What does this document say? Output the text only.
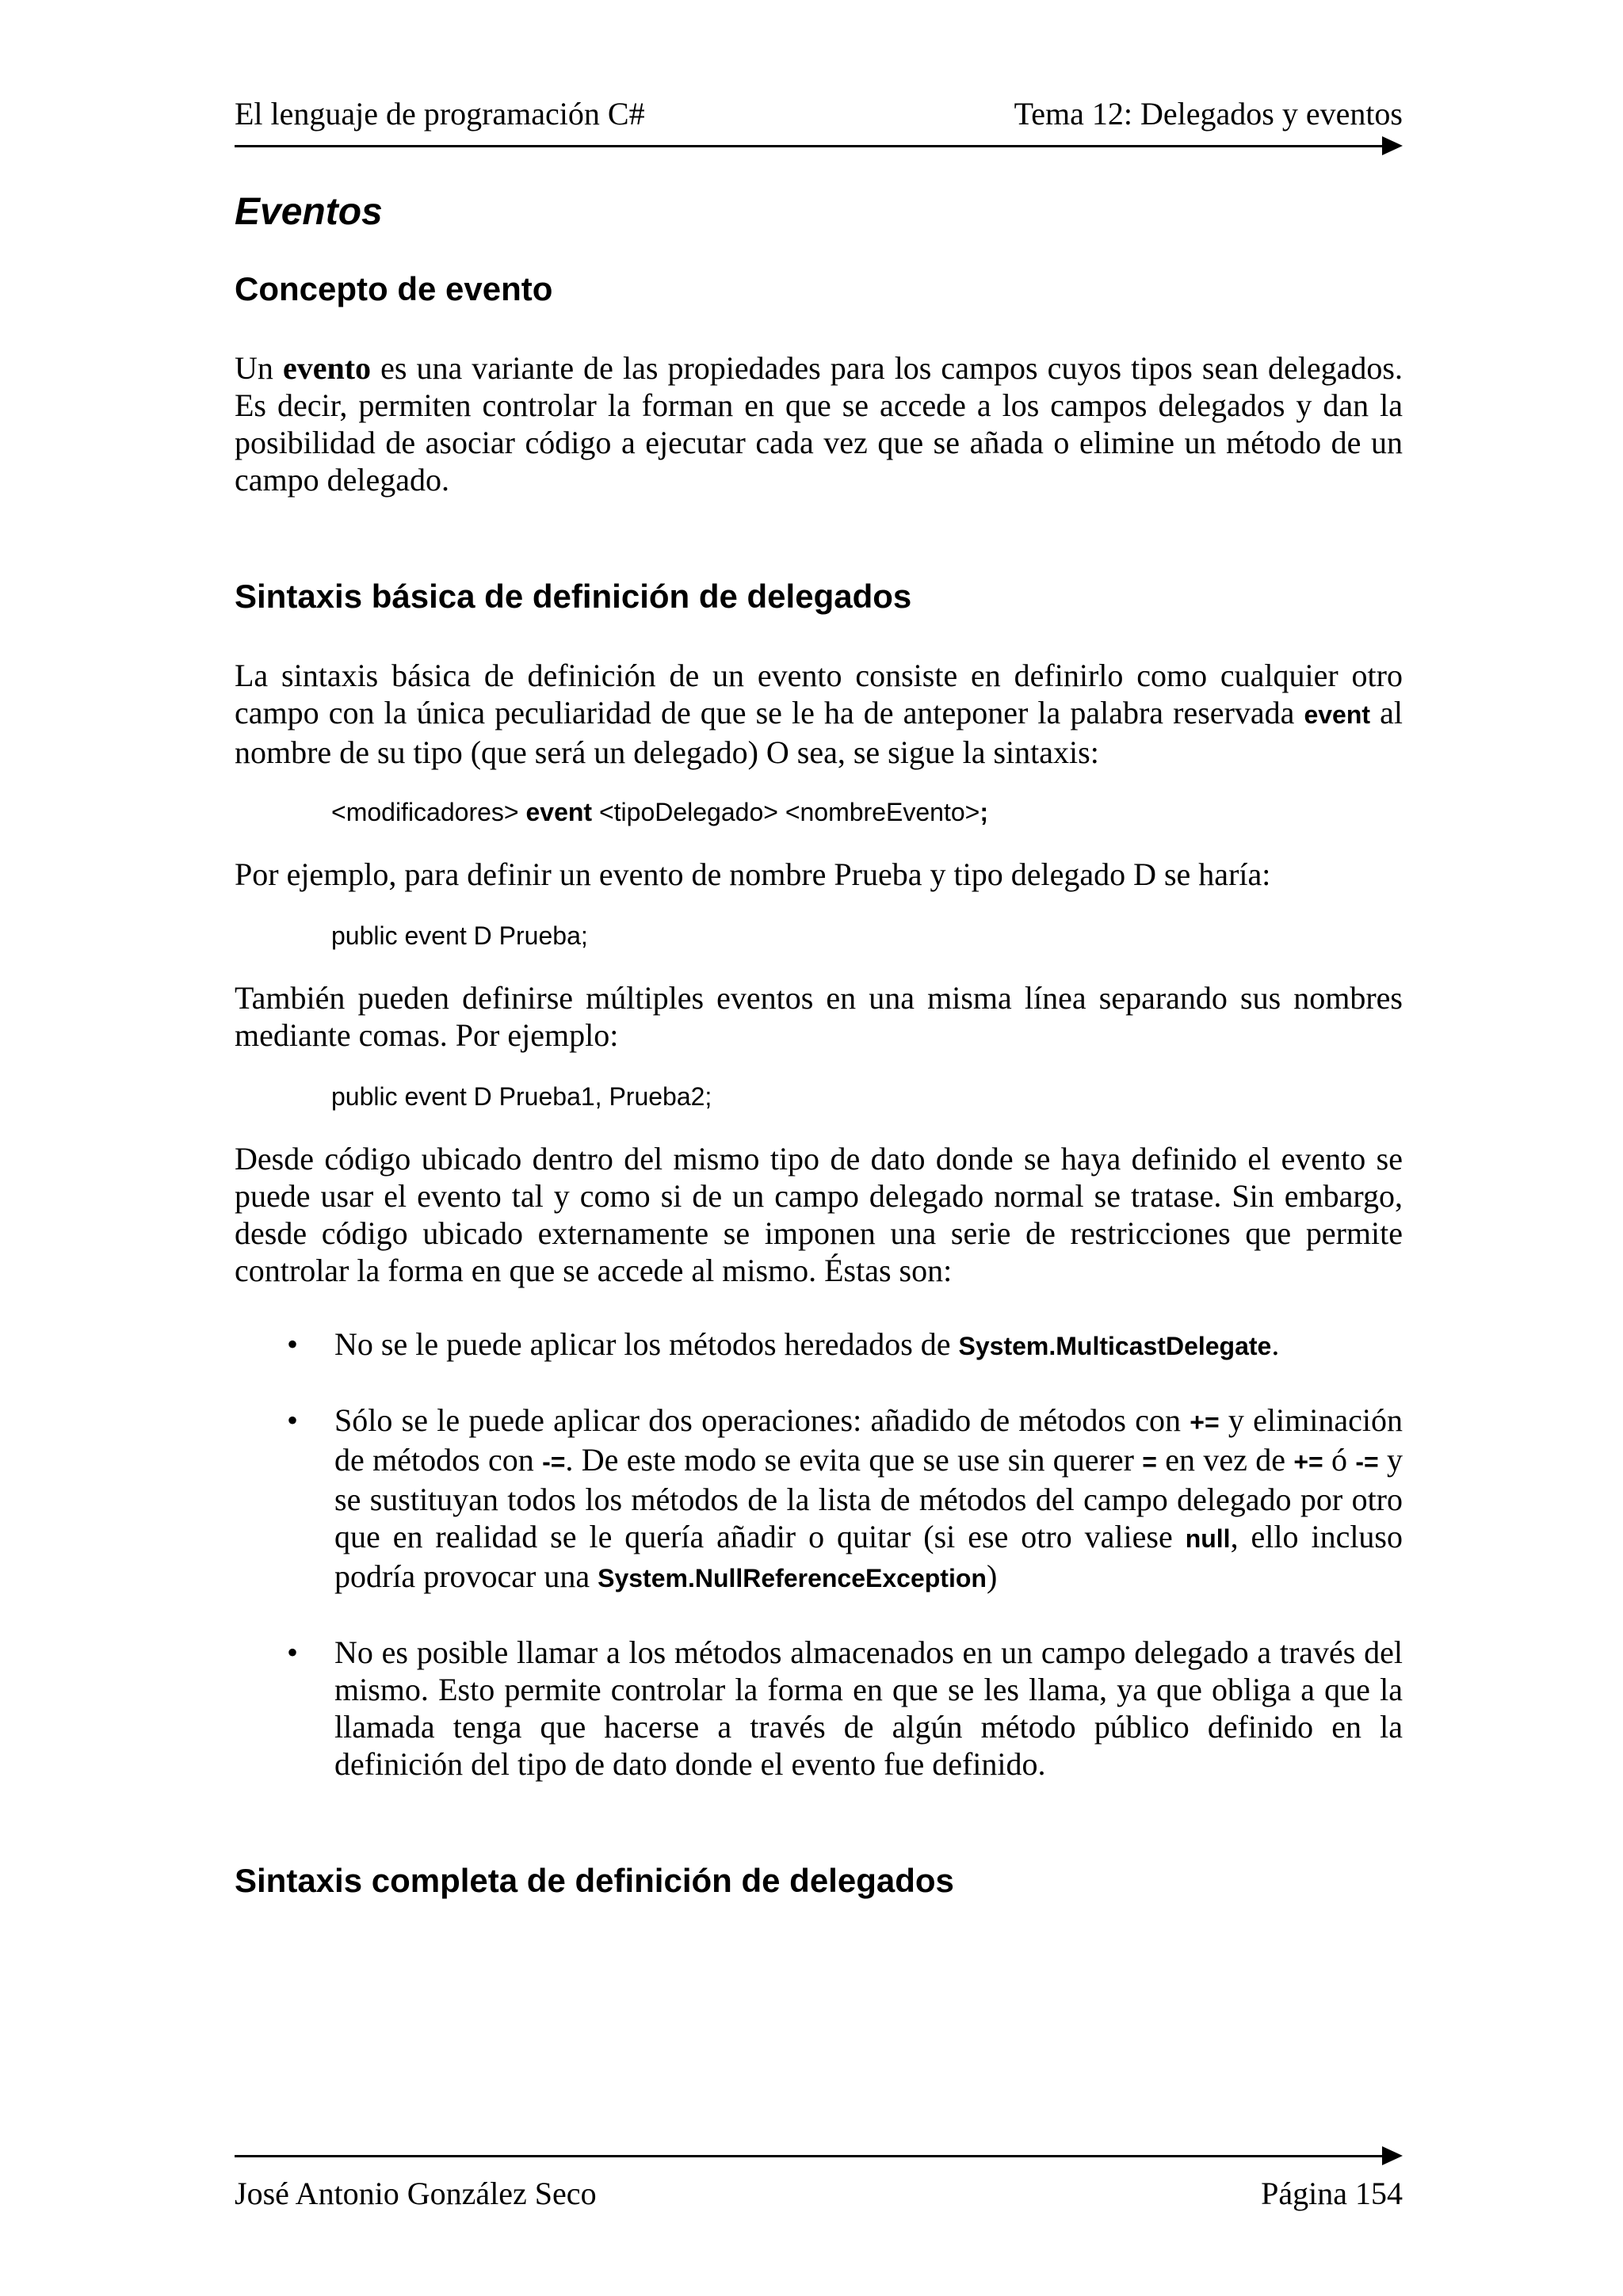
El lenguaje de programación C#	Tema 12: Delegados y eventos
Eventos
Concepto de evento

Un evento es una variante de las propiedades para los campos cuyos tipos sean delegados. Es decir, permiten controlar la forman en que se accede a los campos delegados y dan la posibilidad de asociar código a ejecutar cada vez que se añada o elimine un método de un campo delegado.

Sintaxis básica de definición de delegados

La sintaxis básica de definición de un evento consiste en definirlo como cualquier otro campo con la única peculiaridad de que se le ha de anteponer la palabra reservada event al nombre de su tipo (que será un delegado) O sea, se sigue la sintaxis:

<modificadores> event <tipoDelegado> <nombreEvento>;

Por ejemplo, para definir un evento de nombre Prueba y tipo delegado D se haría:

public event D Prueba;

También pueden definirse múltiples eventos en una misma línea separando sus nombres mediante comas. Por ejemplo:

public event D Prueba1, Prueba2;

Desde código ubicado dentro del mismo tipo de dato donde se haya definido el evento se puede usar el evento tal y como si de un campo delegado normal se tratase. Sin embargo, desde código ubicado externamente se imponen una serie de restricciones que permite controlar la forma en que se accede al mismo. Éstas son:

• No se le puede aplicar los métodos heredados de System.MulticastDelegate.
• Sólo se le puede aplicar dos operaciones: añadido de métodos con += y eliminación de métodos con -=. De este modo se evita que se use sin querer = en vez de += ó -= y se sustituyan todos los métodos de la lista de métodos del campo delegado por otro que en realidad se le quería añadir o quitar (si ese otro valiese null, ello incluso podría provocar una System.NullReferenceException)
• No es posible llamar a los métodos almacenados en un campo delegado a través del mismo. Esto permite controlar la forma en que se les llama, ya que obliga a que la llamada tenga que hacerse a través de algún método público definido en la definición del tipo de dato donde el evento fue definido.
Sintaxis completa de definición de delegados
José Antonio González Seco	Página 154
